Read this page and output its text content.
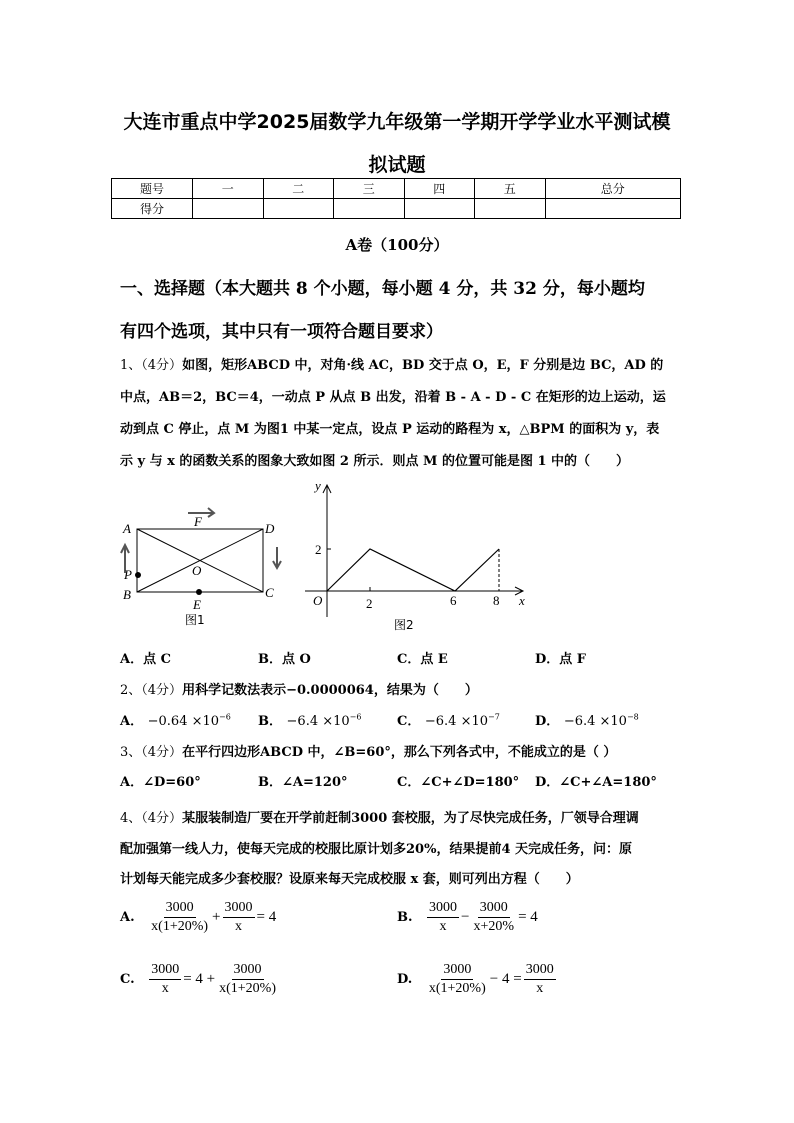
大连市重点中学2025届数学九年级第一学期开学学业水平测试模
拟试题
题号	一	二	三	四	五	总分
得分						
A卷（100分）
一、选择题（本大题共 8 个小题，每小题 4 分，共 32 分，每小题均
有四个选项，其中只有一项符合题目要求）
1、（4分）如图，矩形ABCD 中，对角·线 AC，BD 交于点 O，E，F 分别是边 BC，AD 的
中点，AB＝2，BC＝4，一动点 P 从点 B 出发，沿着 B - A - D - C 在矩形的边上运动，运
动到点 C 停止，点 M 为图1 中某一定点，设点 P 运动的路程为 x，△BPM 的面积为 y，表
示 y 与 x 的函数关系的图象大致如图 2 所示．则点 M 的位置可能是图 1 中的（　　）
A	D
B	C
F
O
E
P
图1
y
x
O
2
2	6	8
图2
A．点 C	B．点 O	C．点 E	D．点 F
2、（4分）用科学记数法表示−0.0000064，结果为（　　）
A． $-0.64 \times 10^{-6}$ B． $-6.4 \times 10^{-6}$	C． $-6.4 \times 10^{-7}$	D． $-6.4 \times 10^{-8}$
3、（4分）在平行四边形ABCD 中，∠B=60°，那么下列各式中，不能成立的是（ ）
A．∠D=60°	B．∠A=120°	C．∠C+∠D=180° D．∠C+∠A=180°
4、（4分）某服装制造厂要在开学前赶制3000 套校服，为了尽快完成任务，厂领导合理调
配加强第一线人力，使每天完成的校服比原计划多20%，结果提前4 天完成任务，问：原
计划每天能完成多少套校服？设原来每天完成校服 x 套，则可列出方程（　　）
A. $\frac{3000}{x(1+20\%)} + \frac{3000}{x} = 4$	B. $\frac{3000}{x} - \frac{3000}{x+20\%} = 4$
C. $\frac{3000}{x} = 4 + \frac{3000}{x(1+20\%)}$	D. $\frac{3000}{x(1+20\%)} - 4 = \frac{3000}{x}$
